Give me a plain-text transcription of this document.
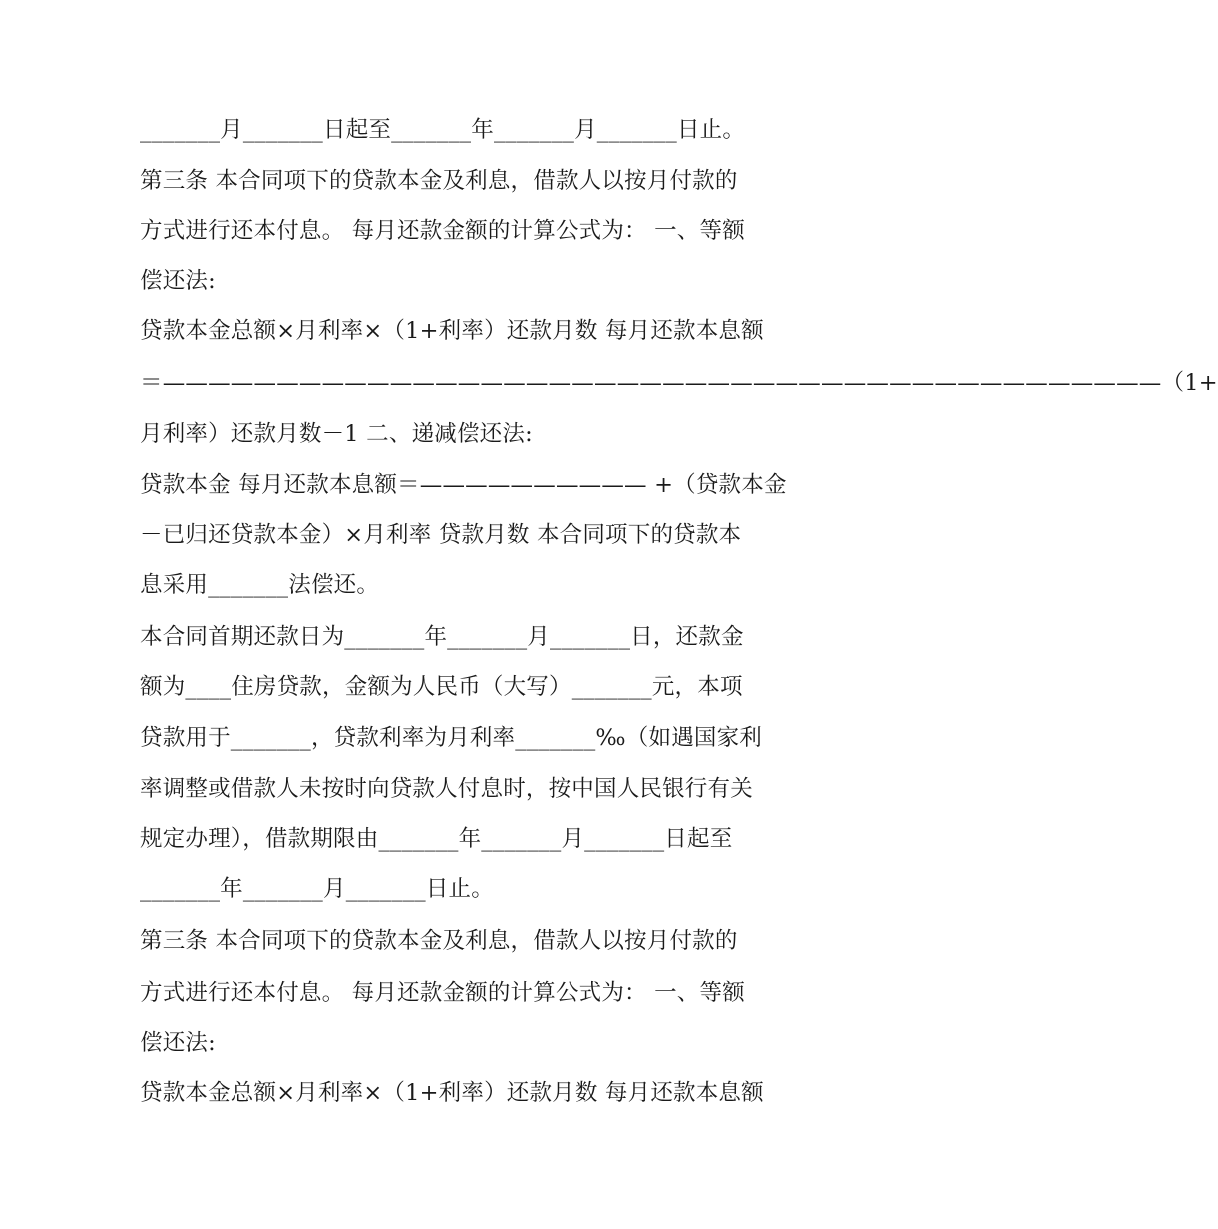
_______月_______日起至_______年_______月_______日止。
第三条 本合同项下的贷款本金及利息，借款人以按月付款的
方式进行还本付息。 每月还款金额的计算公式为： 一、等额
偿还法:
贷款本金总额×月利率×（1+利率）还款月数 每月还款本息额
＝————————————————————————————————————————————（1+
月利率）还款月数－1 二、递减偿还法:
贷款本金 每月还款本息额＝—————————— +（贷款本金
－已归还贷款本金）×月利率 贷款月数 本合同项下的贷款本
息采用_______法偿还。
本合同首期还款日为_______年_______月_______日，还款金
额为____住房贷款，金额为人民币（大写）_______元，本项
贷款用于_______，贷款利率为月利率_______‰（如遇国家利
率调整或借款人未按时向贷款人付息时，按中国人民银行有关
规定办理），借款期限由_______年_______月_______日起至
_______年_______月_______日止。
第三条 本合同项下的贷款本金及利息，借款人以按月付款的
方式进行还本付息。 每月还款金额的计算公式为： 一、等额
偿还法:
贷款本金总额×月利率×（1+利率）还款月数 每月还款本息额
